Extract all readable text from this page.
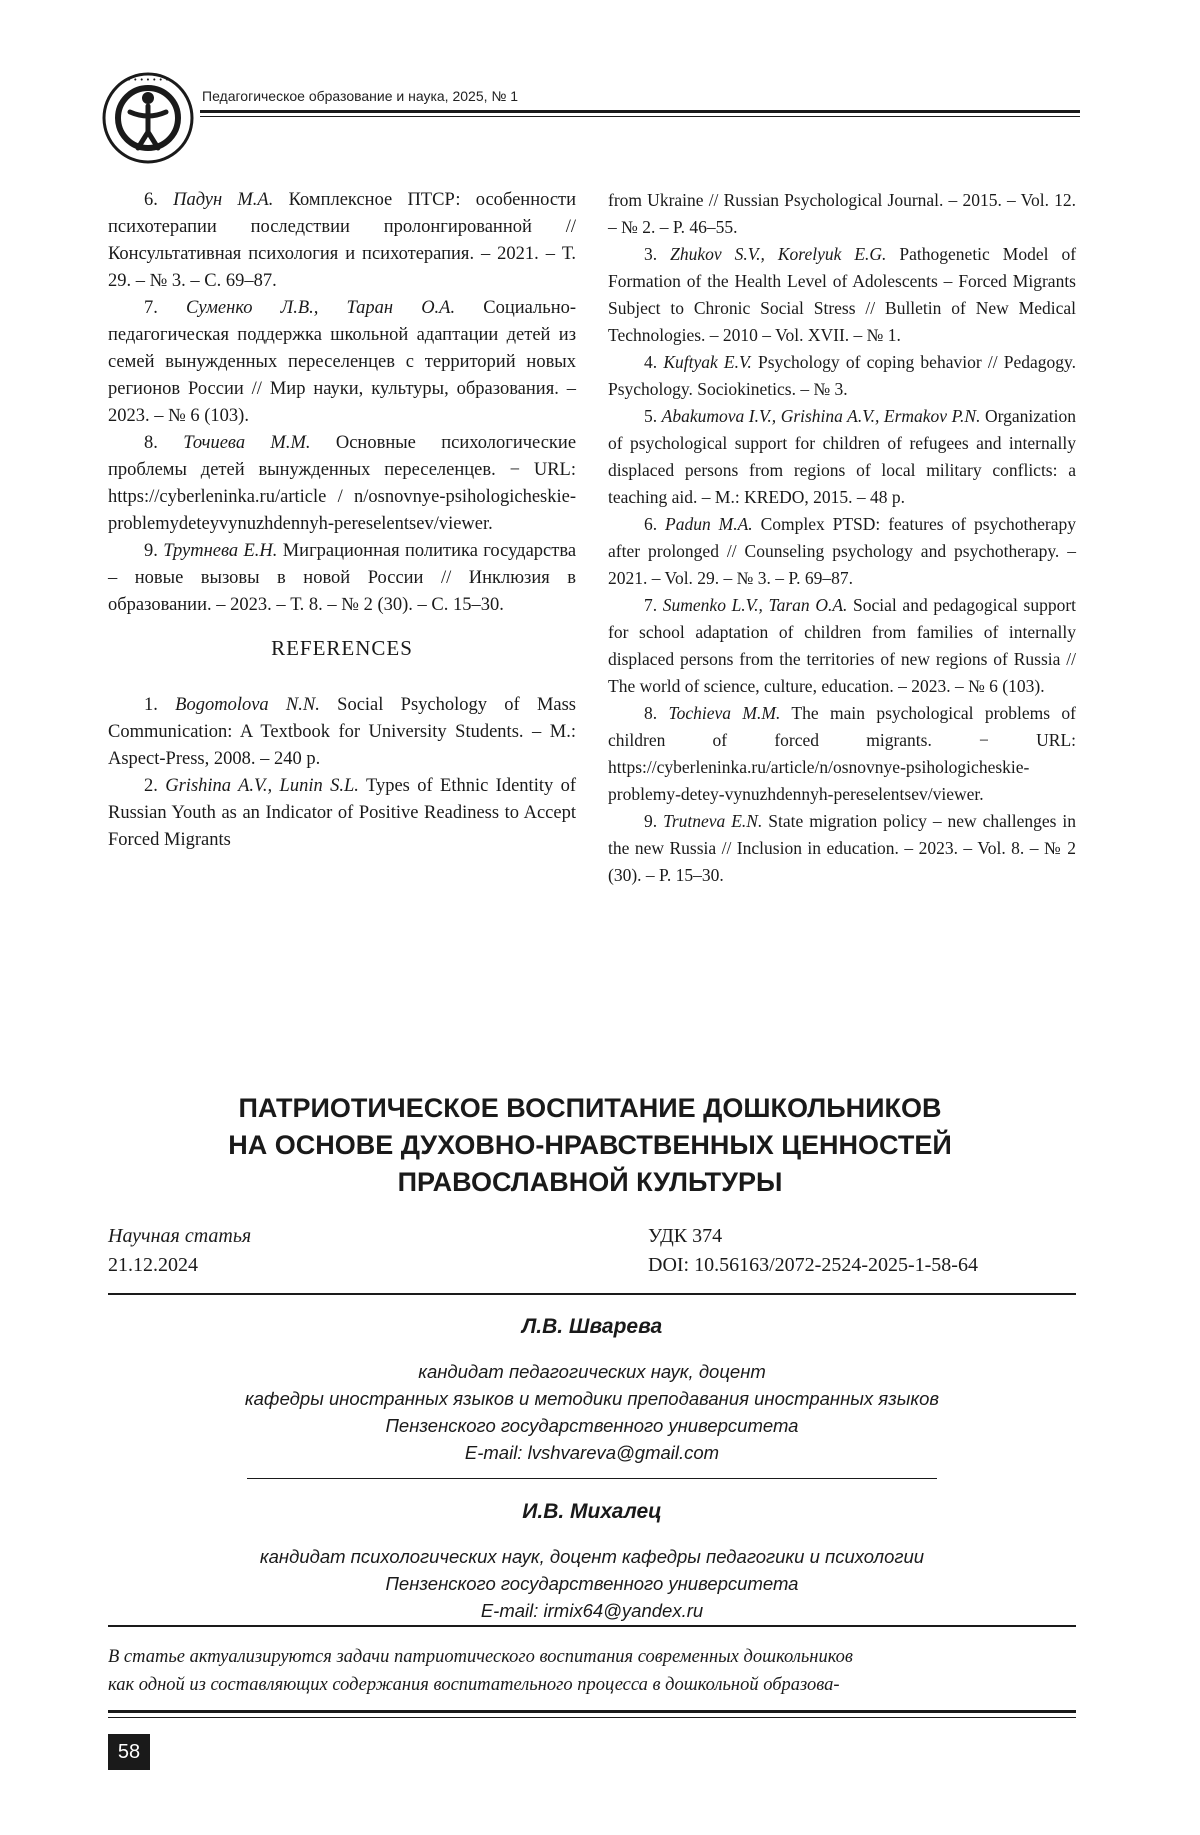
• • • • • • •
Педагогическое образование и наука, 2025, № 1

6. Падун М.А. Комплексное ПТСР: особенности психотерапии последствии пролонгированной // Консультативная психология и психотерапия. – 2021. – Т. 29. – № 3. – С. 69–87.

7. Суменко Л.В., Таран О.А. Социально-педагогическая поддержка школьной адаптации детей из семей вынужденных переселенцев с территорий новых регионов России // Мир науки, культуры, образования. – 2023. – № 6 (103).

8. Точиева М.М. Основные психологические проблемы детей вынужденных переселенцев. − URL: https://cyberleninka.ru/article / n/osnovnye-psihologicheskie-problemydeteyvynuzhdennyh-pereselentsev/viewer.

9. Трутнева Е.Н. Миграционная политика государства – новые вызовы в новой России // Инклюзия в образовании. – 2023. – Т. 8. – № 2 (30). – С. 15–30.

REFERENCES

1. Bogomolova N.N. Social Psychology of Mass Communication: A Textbook for University Students. – M.: Aspect-Press, 2008. – 240 p.

2. Grishina A.V., Lunin S.L. Types of Ethnic Identity of Russian Youth as an Indicator of Positive Readiness to Accept Forced Migrants

from Ukraine // Russian Psychological Journal. – 2015. – Vol. 12. – № 2. – P. 46–55.

3. Zhukov S.V., Korelyuk E.G. Pathogenetic Model of Formation of the Health Level of Adolescents – Forced Migrants Subject to Chronic Social Stress // Bulletin of New Medical Technologies. – 2010 – Vol. XVII. – № 1.

4. Kuftyak E.V. Psychology of coping behavior // Pedagogy. Psychology. Sociokinetics. – № 3.

5. Abakumova I.V., Grishina A.V., Ermakov P.N. Organization of psychological support for children of refugees and internally displaced persons from regions of local military conflicts: a teaching aid. – M.: KREDO, 2015. – 48 p.

6. Padun M.A. Complex PTSD: features of psychotherapy after prolonged // Counseling psychology and psychotherapy. – 2021. – Vol. 29. – № 3. – P. 69–87.

7. Sumenko L.V., Taran O.A. Social and pedagogical support for school adaptation of children from families of internally displaced persons from the territories of new regions of Russia // The world of science, culture, education. – 2023. – № 6 (103).

8. Tochieva M.M. The main psychological problems of children of forced migrants. − URL: https://cyberleninka.ru/article/n/osnovnye-psihologicheskie-problemy-detey-vynuzhdennyh-pereselentsev/viewer.

9. Trutneva E.N. State migration policy – new challenges in the new Russia // Inclusion in education. – 2023. – Vol. 8. – № 2 (30). – P. 15–30.

ПАТРИОТИЧЕСКОЕ ВОСПИТАНИЕ ДОШКОЛЬНИКОВ
НА ОСНОВЕ ДУХОВНО-НРАВСТВЕННЫХ ЦЕННОСТЕЙ
ПРАВОСЛАВНОЙ КУЛЬТУРЫ
Научная статья
21.12.2024
УДК 374
DOI: 10.56163/2072-2524-2025-1-58-64

Л.В. Шварева

кандидат педагогических наук, доцент

кафедры иностранных языков и методики преподавания иностранных языков

Пензенского государственного университета

E-mail: lvshvareva@gmail.com

И.В. Михалец

кандидат психологических наук, доцент кафедры педагогики и психологии

Пензенского государственного университета

E-mail: irmix64@yandex.ru

В статье актуализируются задачи патриотического воспитания современных дошкольников

как одной из составляющих содержания воспитательного процесса в дошкольной образова-

58
